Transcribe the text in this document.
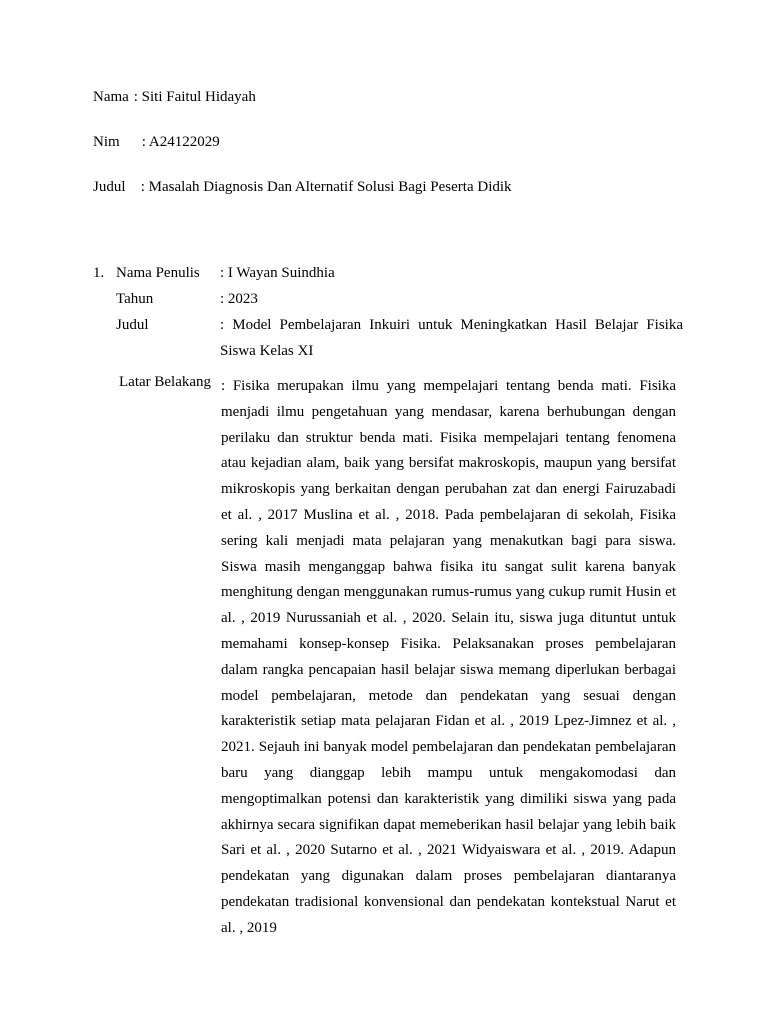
Nama : Siti Faitul Hidayah
Nim : A24122029
Judul : Masalah Diagnosis Dan Alternatif Solusi Bagi Peserta Didik
1. Nama Penulis	: I Wayan Suindhia
Tahun	: 2023
Judul	: Model Pembelajaran Inkuiri untuk Meningkatkan Hasil Belajar Fisika Siswa Kelas XI
Latar Belakang : Fisika merupakan ilmu yang mempelajari tentang benda mati. Fisika menjadi ilmu pengetahuan yang mendasar, karena berhubungan dengan perilaku dan struktur benda mati. Fisika mempelajari tentang fenomena atau kejadian alam, baik yang bersifat makroskopis, maupun yang bersifat mikroskopis yang berkaitan dengan perubahan zat dan energi Fairuzabadi et al. , 2017 Muslina et al. , 2018. Pada pembelajaran di sekolah, Fisika sering kali menjadi mata pelajaran yang menakutkan bagi para siswa. Siswa masih menganggap bahwa fisika itu sangat sulit karena banyak menghitung dengan menggunakan rumus-rumus yang cukup rumit Husin et al. , 2019 Nurussaniah et al. , 2020. Selain itu, siswa juga dituntut untuk memahami konsep-konsep Fisika. Pelaksanakan proses pembelajaran dalam rangka pencapaian hasil belajar siswa memang diperlukan berbagai model pembelajaran, metode dan pendekatan yang sesuai dengan karakteristik setiap mata pelajaran Fidan et al. , 2019 Lpez-Jimnez et al. , 2021. Sejauh ini banyak model pembelajaran dan pendekatan pembelajaran baru yang dianggap lebih mampu untuk mengakomodasi dan mengoptimalkan potensi dan karakteristik yang dimiliki siswa yang pada akhirnya secara signifikan dapat memeberikan hasil belajar yang lebih baik Sari et al. , 2020 Sutarno et al. , 2021 Widyaiswara et al. , 2019. Adapun pendekatan yang digunakan dalam proses pembelajaran diantaranya pendekatan tradisional konvensional dan pendekatan kontekstual Narut et al. , 2019
